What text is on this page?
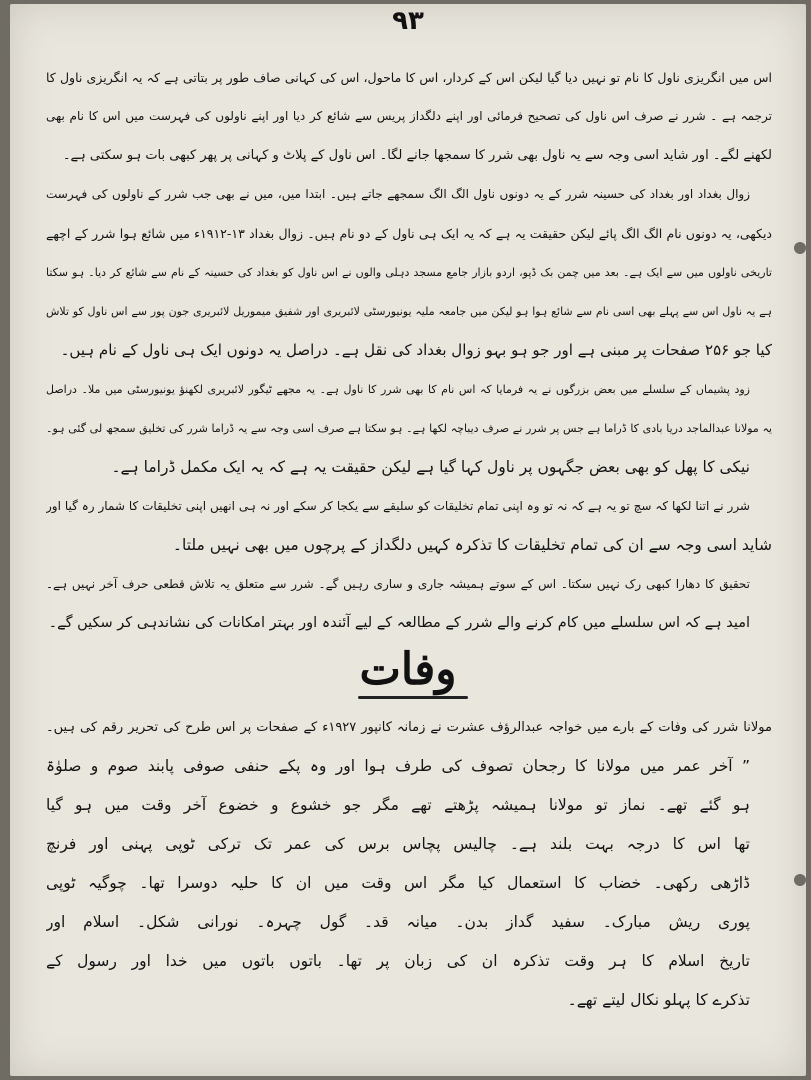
۹۳
اس میں انگریزی ناول کا نام تو نہیں دیا گیا لیکن اس کے کردار، اس کا ماحول، اس کی کہانی صاف طور پر بتاتی ہے کہ یہ انگریزی ناول کا
ترجمہ ہے ۔ شرر نے صرف اس ناول کی تصحیح فرمائی اور اپنے دلگداز پریس سے شائع کر دیا اور اپنے ناولوں کی فہرست میں اس کا نام بھی
لکھنے لگے۔ اور شاید اسی وجہ سے یہ ناول بھی شرر کا سمجھا جانے لگا۔ اس ناول کے پلاٹ و کہانی پر پھر کبھی بات ہو سکتی ہے۔
زوال بغداد اور بغداد کی حسینہ شرر کے یہ دونوں ناول الگ الگ سمجھے جاتے ہیں۔ ابتدا میں، میں نے بھی جب شرر کے ناولوں کی فہرست
دیکھی، یہ دونوں نام الگ الگ پائے لیکن حقیقت یہ ہے کہ یہ ایک ہی ناول کے دو نام ہیں۔ زوال بغداد ۱۳-۱۹۱۲ء میں شائع ہوا شرر کے اچھے
تاریخی ناولوں میں سے ایک ہے۔ بعد میں چمن بک ڈپو، اردو بازار جامع مسجد دہلی والوں نے اس ناول کو بغداد کی حسینہ کے نام سے شائع کر دیا۔ ہو سکتا
ہے یہ ناول اس سے پہلے بھی اسی نام سے شائع ہوا ہو لیکن میں جامعہ ملیہ یونیورسٹی لائبریری اور شفیق میموریل لائبریری جون پور سے اس ناول کو تلاش
کیا جو ۲۵۶ صفحات پر مبنی ہے اور جو ہو بہو زوال بغداد کی نقل ہے۔ دراصل یہ دونوں ایک ہی ناول کے نام ہیں۔
زود پشیماں کے سلسلے میں بعض بزرگوں نے یہ فرمایا کہ اس نام کا بھی شرر کا ناول ہے۔ یہ مجھے ٹیگور لائبریری لکھنؤ یونیورسٹی میں ملا۔ دراصل
یہ مولانا عبدالماجد دریا بادی کا ڈراما ہے جس پر شرر نے صرف دیباچہ لکھا ہے۔ ہو سکتا ہے صرف اسی وجہ سے یہ ڈراما شرر کی تخلیق سمجھ لی گئی ہو۔
نیکی کا پھل کو بھی بعض جگہوں پر ناول کہا گیا ہے لیکن حقیقت یہ ہے کہ یہ ایک مکمل ڈراما ہے۔
شرر نے اتنا لکھا کہ سچ تو یہ ہے کہ نہ تو وہ اپنی تمام تخلیقات کو سلیقے سے یکجا کر سکے اور نہ ہی انھیں اپنی تخلیقات کا شمار رہ گیا اور
شاید اسی وجہ سے ان کی تمام تخلیقات کا تذکرہ کہیں دلگداز کے پرچوں میں بھی نہیں ملتا۔
تحقیق کا دھارا کبھی رک نہیں سکتا۔ اس کے سوتے ہمیشہ جاری و ساری رہیں گے۔ شرر سے متعلق یہ تلاش قطعی حرف آخر نہیں ہے۔
امید ہے کہ اس سلسلے میں کام کرنے والے شرر کے مطالعہ کے لیے آئندہ اور بہتر امکانات کی نشاندہی کر سکیں گے۔
وفات
مولانا شرر کی وفات کے بارے میں خواجہ عبدالرؤف عشرت نے زمانہ کانپور ۱۹۲۷ء کے صفحات پر اس طرح کی تحریر رقم کی ہیں۔
” آخر عمر میں مولانا کا رجحان تصوف کی طرف ہوا اور وہ پکے حنفی صوفی پابند صوم و صلوٰۃ
ہو گئے تھے۔ نماز تو مولانا ہمیشہ پڑھتے تھے مگر جو خشوع و خضوع آخر وقت میں ہو گیا
تھا اس کا درجہ بہت بلند ہے۔ چالیس پچاس برس کی عمر تک ترکی ٹوپی پہنی اور فرنچ
ڈاڑھی رکھی۔ خضاب کا استعمال کیا مگر اس وقت میں ان کا حلیہ دوسرا تھا۔ چوگیہ ٹوپی
پوری ریش مبارک۔ سفید گداز بدن۔ میانہ قد۔ گول چہرہ۔ نورانی شکل۔ اسلام اور
تاریخ اسلام کا ہر وقت تذکرہ ان کی زبان پر تھا۔ باتوں باتوں میں خدا اور رسول کے
تذکرے کا پہلو نکال لیتے تھے۔
